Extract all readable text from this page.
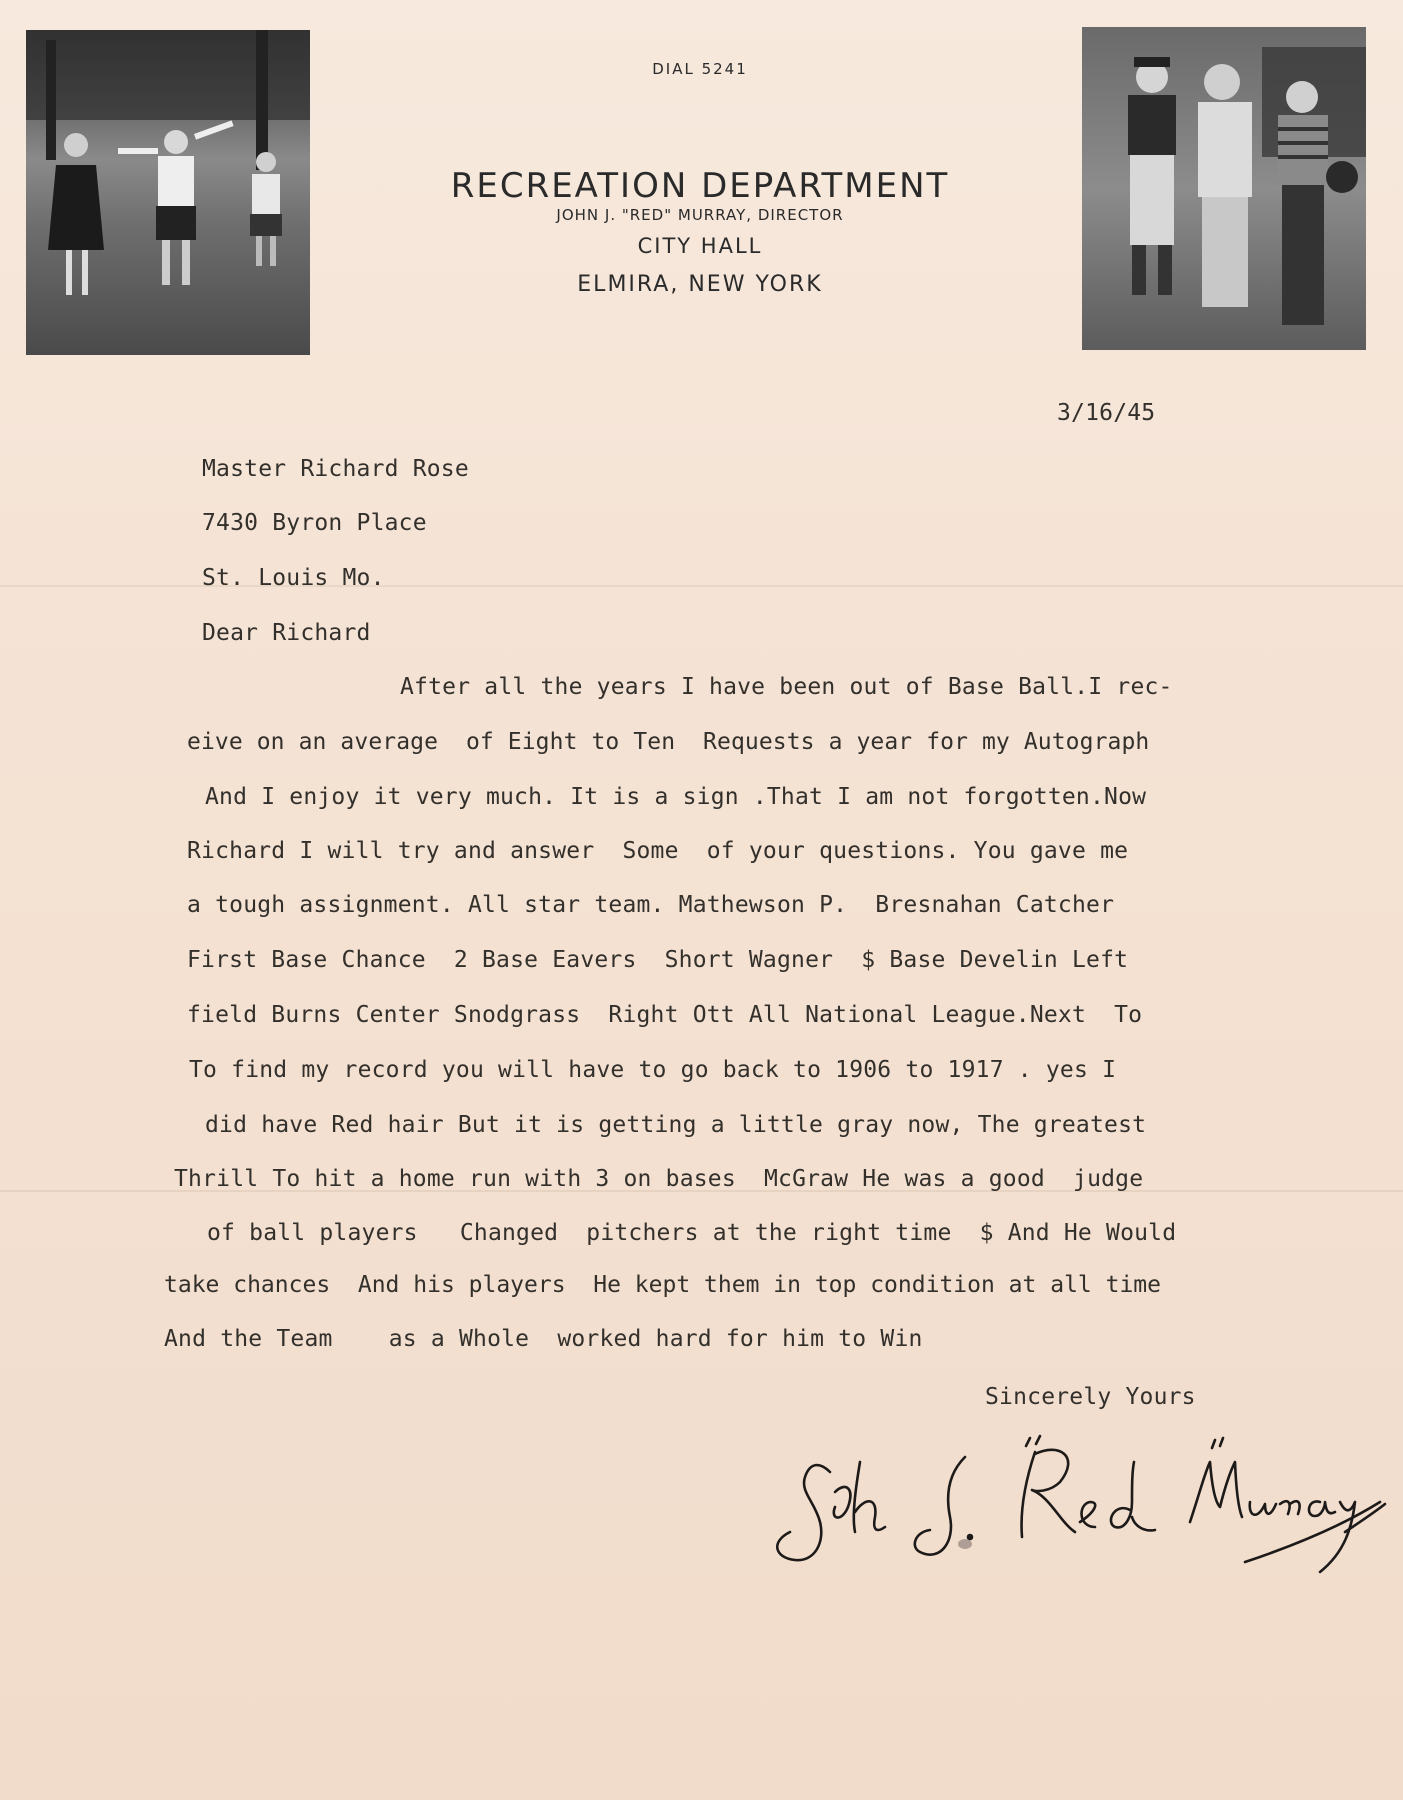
DIAL 5241
RECREATION DEPARTMENT
JOHN J. "RED" MURRAY, DIRECTOR
CITY HALL
ELMIRA, NEW YORK
3/16/45
Master Richard Rose
7430 Byron Place
St. Louis Mo.
Dear Richard
After all the years I have been out of Base Ball.I rec-
eive on an average  of Eight to Ten  Requests a year for my Autograph
And I enjoy it very much. It is a sign .That I am not forgotten.Now
Richard I will try and answer  Some  of your questions. You gave me
a tough assignment. All star team. Mathewson P.  Bresnahan Catcher
First Base Chance  2 Base Eavers  Short Wagner  $ Base Develin Left
field Burns Center Snodgrass  Right Ott All National League.Next  To
To find my record you will have to go back to 1906 to 1917 . yes I
did have Red hair But it is getting a little gray now, The greatest
Thrill To hit a home run with 3 on bases  McGraw He was a good  judge
of ball players   Changed  pitchers at the right time  $ And He Would
take chances  And his players  He kept them in top condition at all time
And the Team    as a Whole  worked hard for him to Win
Sincerely Yours
